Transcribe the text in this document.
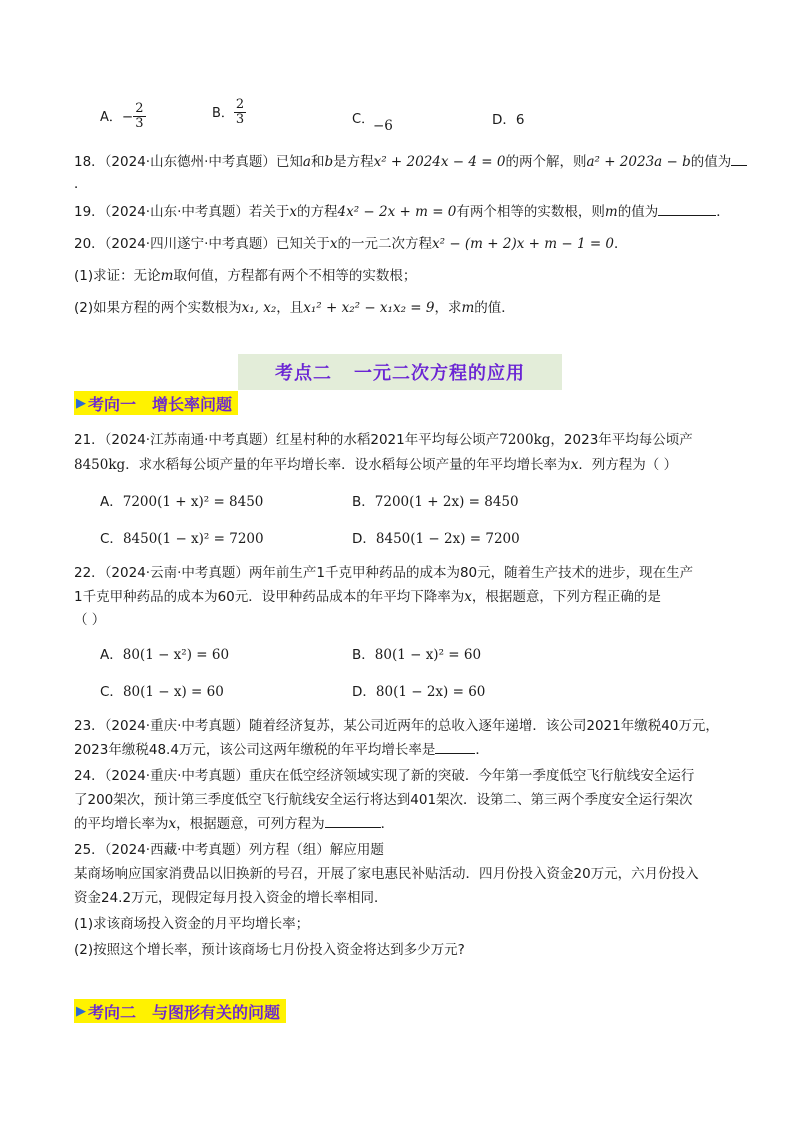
A．− $\frac{2}{3}$	B． $\frac{2}{3}$	C．
−6	D．6
18．（2024·山东德州·中考真题）已知a和b是方程x² + 2024x − 4 = 0的两个解，则a² + 2023a − b的值为
．
19．（2024·山东·中考真题）若关于x的方程4x² − 2x + m = 0有两个相等的实数根，则m的值为	．
20．（2024·四川遂宁·中考真题）已知关于x的一元二次方程x² − (m + 2)x + m − 1 = 0．
(1)求证：无论m取何值，方程都有两个不相等的实数根；
(2)如果方程的两个实数根为x₁, x₂，且x₁² + x₂² − x₁x₂ = 9，求m的值．
考点二 一元二次方程的应用
▶ 考向一 增长率问题
21．（2024·江苏南通·中考真题）红星村种的水稻2021年平均每公顷产7200kg，2023年平均每公顷产
8450kg．求水稻每公顷产量的年平均增长率．设水稻每公顷产量的年平均增长率为x．列方程为（ ）
A．7200(1 + x)² = 8450	B．7200(1 + 2x) = 8450
C．8450(1 − x)² = 7200	D．8450(1 − 2x) = 7200
22．（2024·云南·中考真题）两年前生产1千克甲种药品的成本为80元，随着生产技术的进步，现在生产
1千克甲种药品的成本为60元．设甲种药品成本的年平均下降率为x，根据题意，下列方程正确的是
（ ）
A．80(1 − x²) = 60	B．80(1 − x)² = 60
C．80(1 − x) = 60	D．80(1 − 2x) = 60
23．（2024·重庆·中考真题）随着经济复苏，某公司近两年的总收入逐年递增．该公司2021年缴税40万元，
2023年缴税48.4万元，该公司这两年缴税的年平均增长率是	．
24．（2024·重庆·中考真题）重庆在低空经济领域实现了新的突破．今年第一季度低空飞行航线安全运行
了200架次，预计第三季度低空飞行航线安全运行将达到401架次．设第二、第三两个季度安全运行架次
的平均增长率为x，根据题意，可列方程为	．
25．（2024·西藏·中考真题）列方程（组）解应用题
某商场响应国家消费品以旧换新的号召，开展了家电惠民补贴活动．四月份投入资金20万元，六月份投入
资金24.2万元，现假定每月投入资金的增长率相同．
(1)求该商场投入资金的月平均增长率；
(2)按照这个增长率，预计该商场七月份投入资金将达到多少万元?
▶ 考向二 与图形有关的问题
